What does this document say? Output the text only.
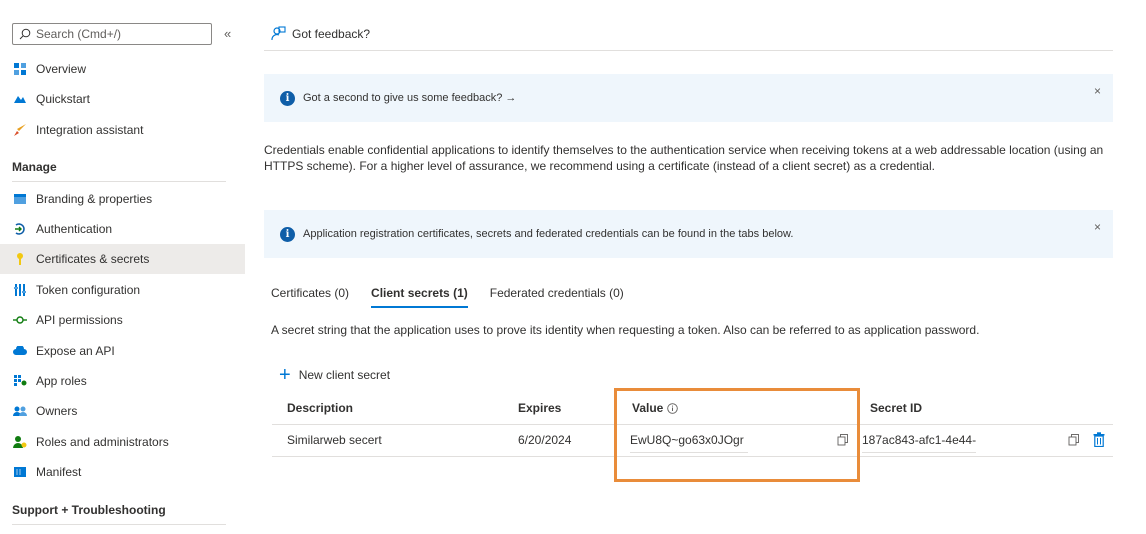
Search (Cmd+/)	«
Overview
Quickstart
Integration assistant
Manage
Branding & properties
Authentication
Certificates & secrets
Token configuration
API permissions
Expose an API
App roles
Owners
Roles and administrators
Manifest
Support + Troubleshooting
Got feedback?
i	Got a second to give us some feedback? →	×
Credentials enable confidential applications to identify themselves to the authentication service when receiving tokens at a web addressable location (using an HTTPS scheme). For a higher level of assurance, we recommend using a certificate (instead of a client secret) as a credential.
i	Application registration certificates, secrets and federated credentials can be found in the tabs below.	×
Certificates (0) Client secrets (1) Federated credentials (0)
A secret string that the application uses to prove its identity when requesting a token. Also can be referred to as application password.
+ New client secret
Description	Expires	Value	Secret ID
Similarweb secert	6/20/2024	EwU8Q~go63x0JOgr	187ac843-afc1-4e44-
